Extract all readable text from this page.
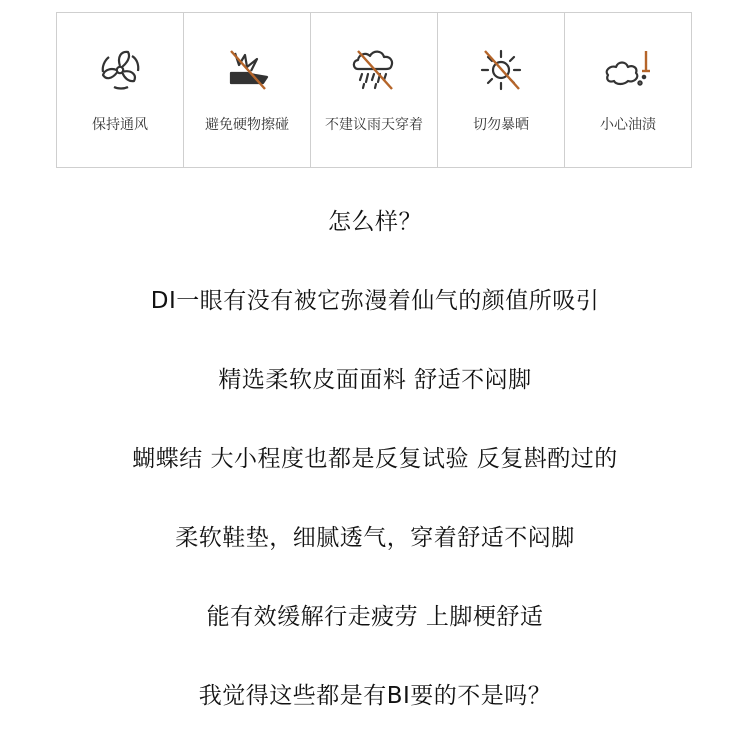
保持通风	避免硬物擦碰	不建议雨天穿着	切勿暴晒	小心油渍
怎么样？
DI一眼有没有被它弥漫着仙气的颜值所吸引
精选柔软皮面面料 舒适不闷脚
蝴蝶结 大小程度也都是反复试验 反复斟酌过的
柔软鞋垫，细腻透气，穿着舒适不闷脚
能有效缓解行走疲劳 上脚梗舒适
我觉得这些都是有BI要的不是吗？
